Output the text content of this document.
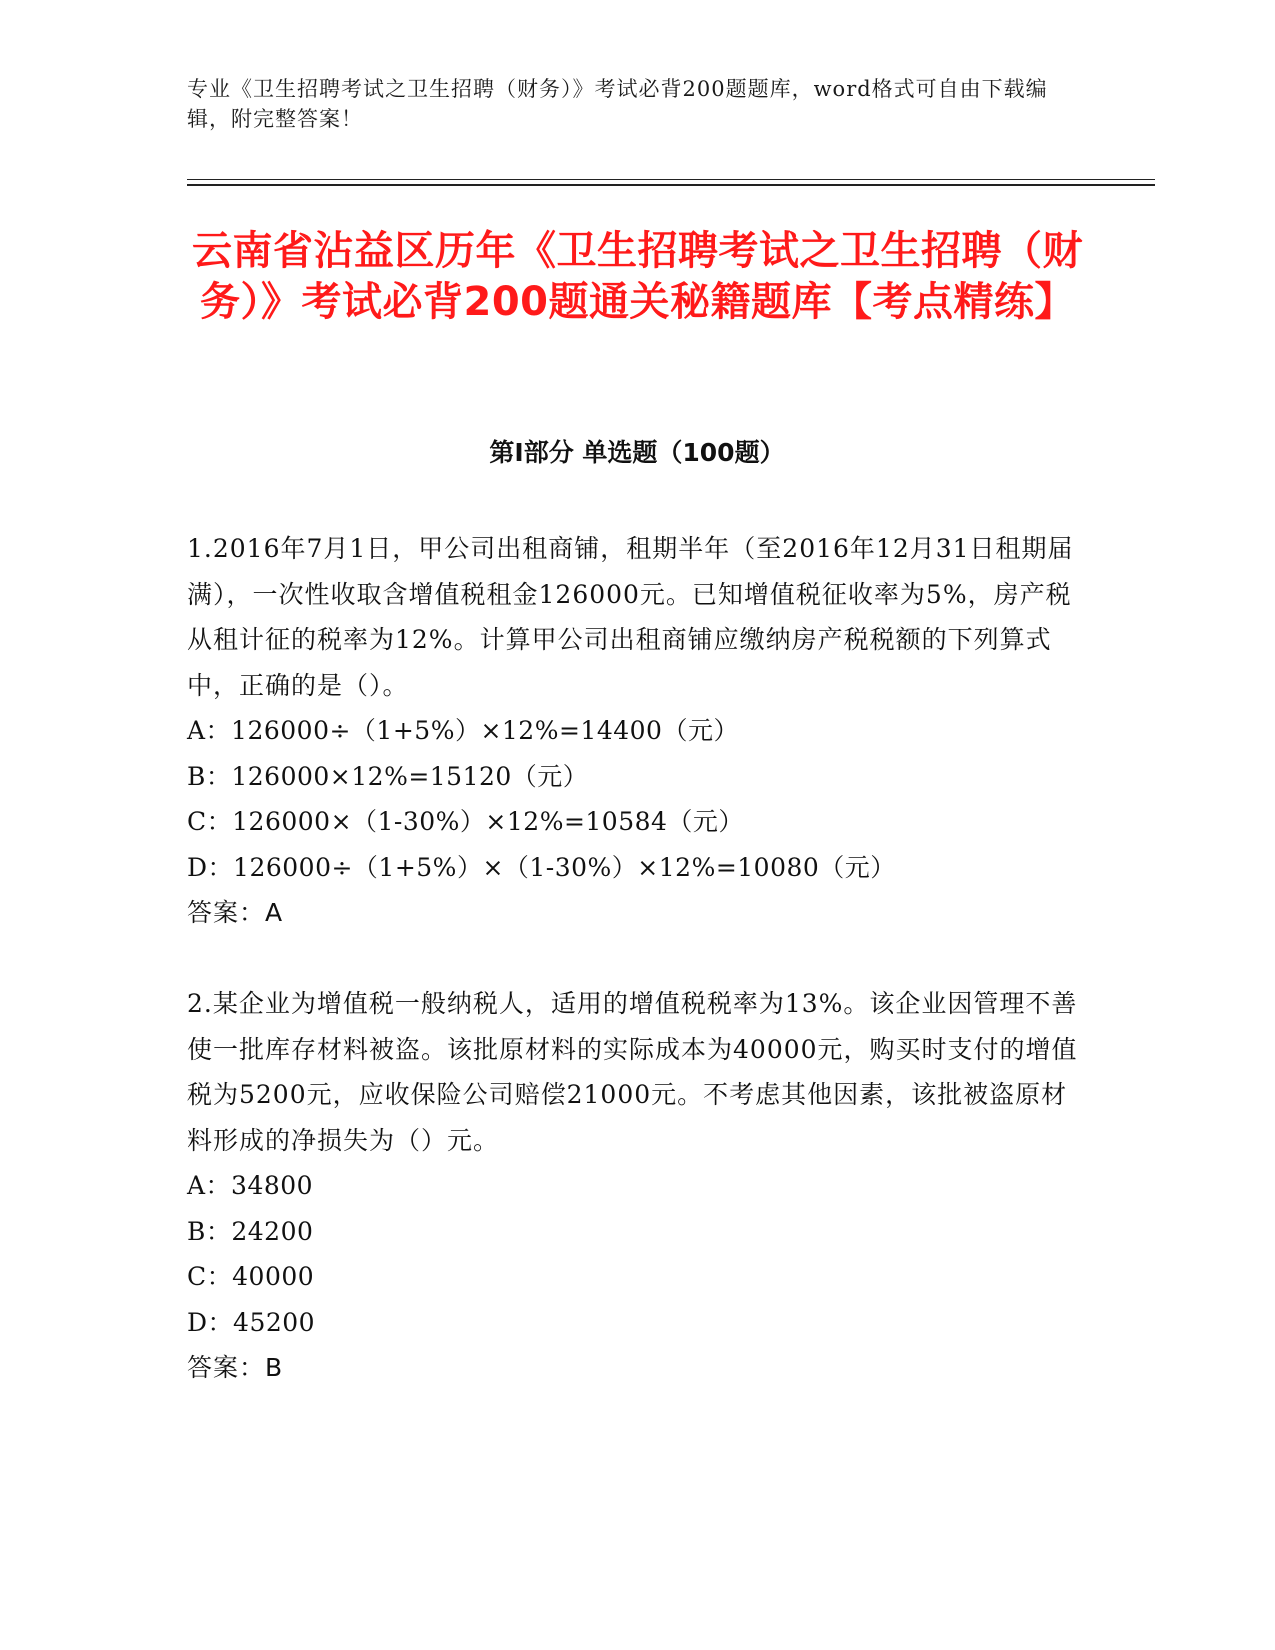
专业《卫生招聘考试之卫生招聘（财务）》考试必背200题题库，word格式可自由下载编辑，附完整答案！
云南省沾益区历年《卫生招聘考试之卫生招聘（财务）》考试必背200题通关秘籍题库【考点精练】
第Ⅰ部分 单选题（100题）

1.2016年7月1日，甲公司出租商铺，租期半年（至2016年12月31日租期届满），一次性收取含增值税租金126000元。已知增值税征收率为5%，房产税从租计征的税率为12%。计算甲公司出租商铺应缴纳房产税税额的下列算式中，正确的是（）。

A：126000÷（1+5%）×12%=14400（元）

B：126000×12%=15120（元）

C：126000×（1-30%）×12%=10584（元）

D：126000÷（1+5%）×（1-30%）×12%=10080（元）

答案：A

2.某企业为增值税一般纳税人，适用的增值税税率为13%。该企业因管理不善使一批库存材料被盗。该批原材料的实际成本为40000元，购买时支付的增值税为5200元，应收保险公司赔偿21000元。不考虑其他因素，该批被盗原材料形成的净损失为（）元。

A：34800

B：24200

C：40000

D：45200

答案：B
